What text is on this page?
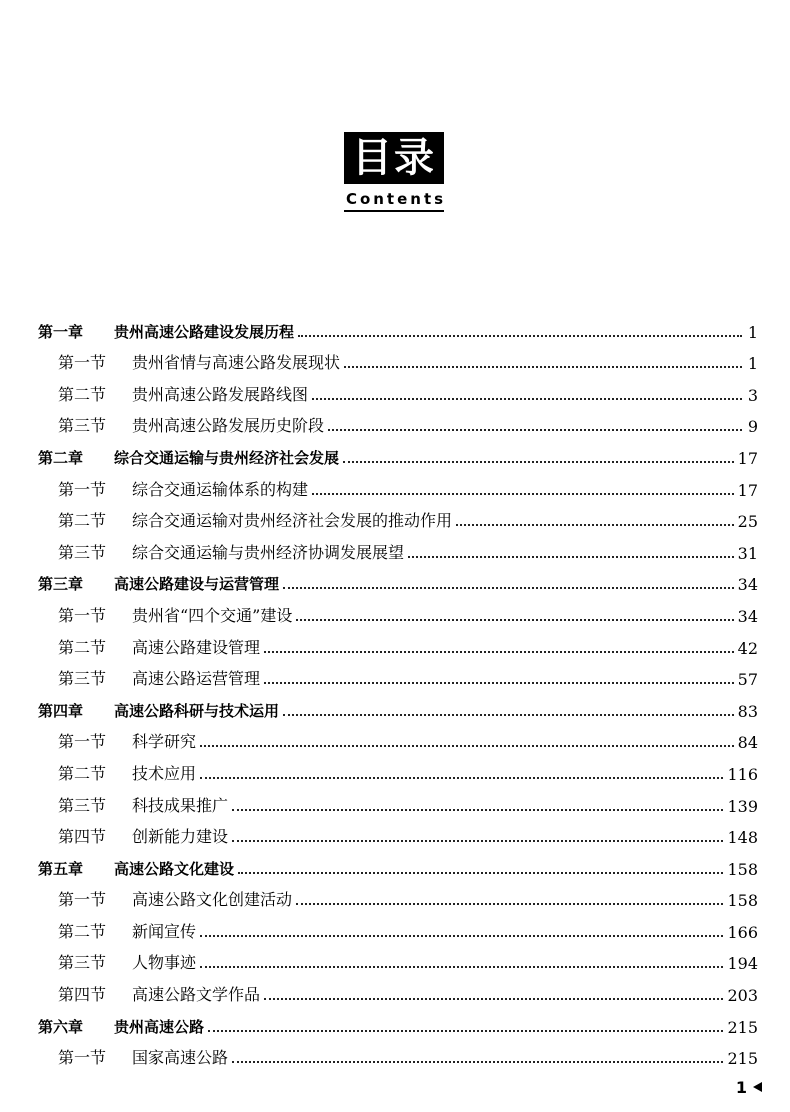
目录
Contents
第一章	贵州高速公路建设发展历程	1
第一节	贵州省情与高速公路发展现状	1
第二节	贵州高速公路发展路线图	3
第三节	贵州高速公路发展历史阶段	9
第二章	综合交通运输与贵州经济社会发展	17
第一节	综合交通运输体系的构建	17
第二节	综合交通运输对贵州经济社会发展的推动作用	25
第三节	综合交通运输与贵州经济协调发展展望	31
第三章	高速公路建设与运营管理	34
第一节	贵州省“四个交通”建设	34
第二节	高速公路建设管理	42
第三节	高速公路运营管理	57
第四章	高速公路科研与技术运用	83
第一节	科学研究	84
第二节	技术应用	116
第三节	科技成果推广	139
第四节	创新能力建设	148
第五章	高速公路文化建设	158
第一节	高速公路文化创建活动	158
第二节	新闻宣传	166
第三节	人物事迹	194
第四节	高速公路文学作品	203
第六章	贵州高速公路	215
第一节	国家高速公路	215
1
